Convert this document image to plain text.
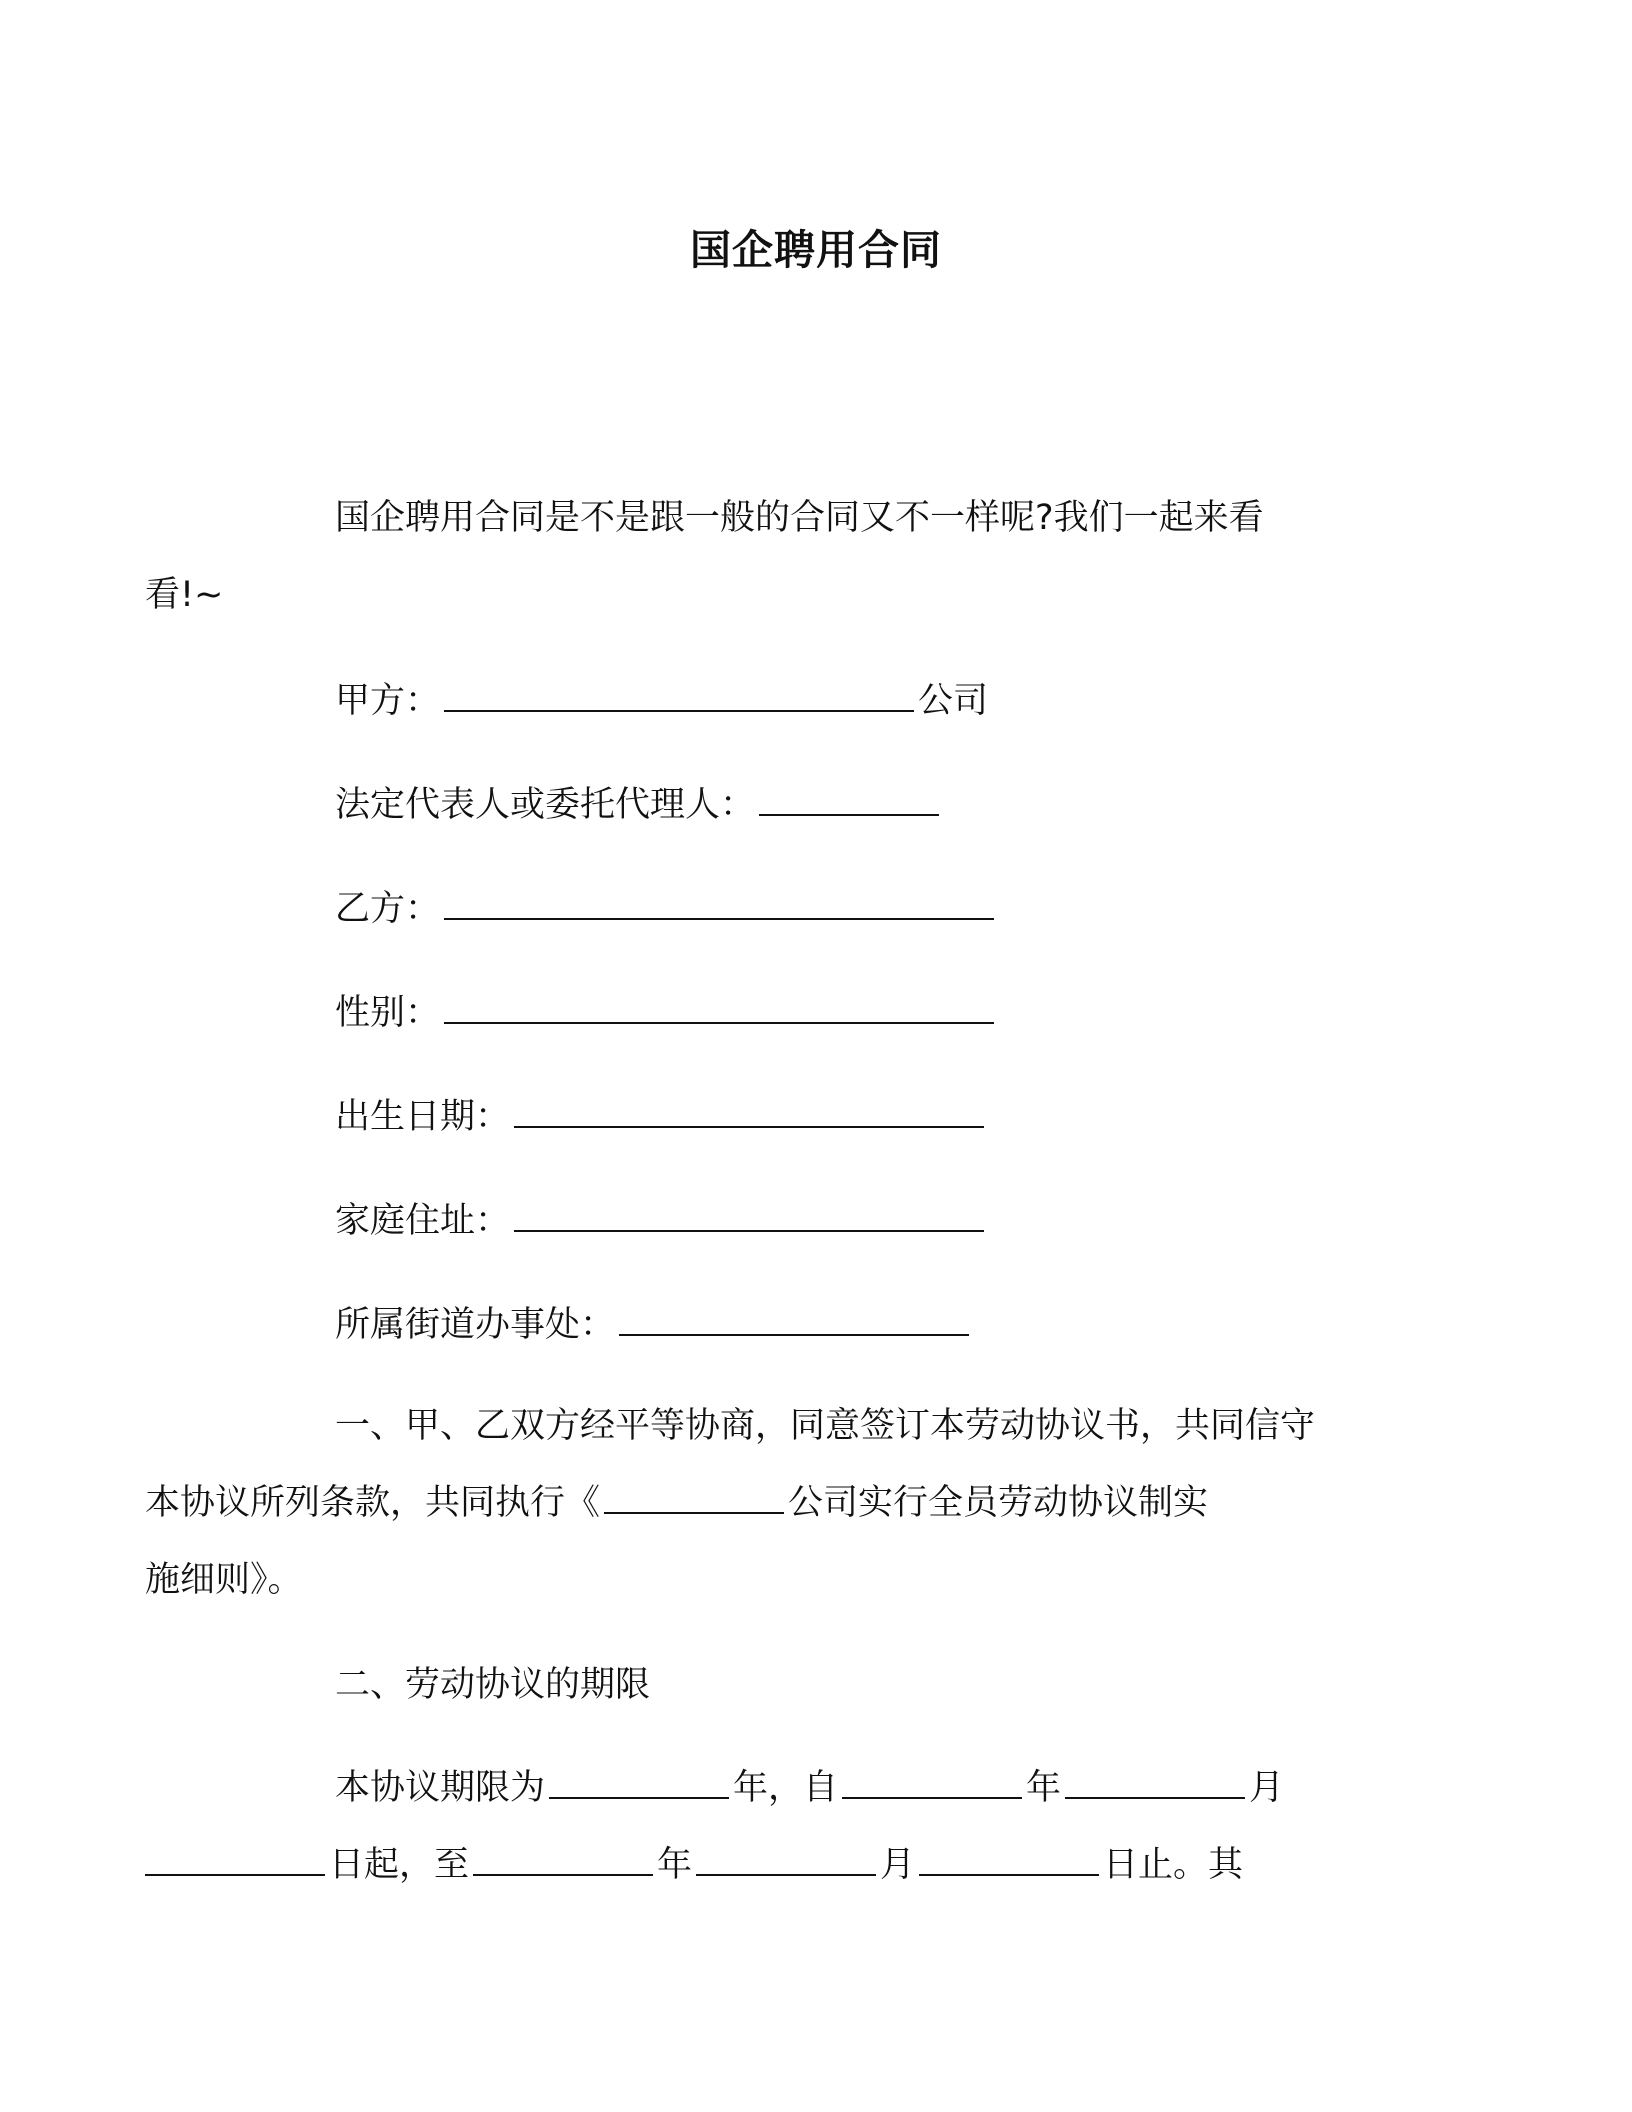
国企聘用合同
国企聘用合同是不是跟一般的合同又不一样呢?我们一起来看
看!~
甲方：	公司
法定代表人或委托代理人：
乙方：
性别：
出生日期：
家庭住址：
所属街道办事处：
一、甲、乙双方经平等协商，同意签订本劳动协议书，共同信守
本协议所列条款，共同执行《	公司实行全员劳动协议制实
施细则》。
二、劳动协议的期限
本协议期限为	年，自	年	月
日起，至	年	月	日止。其
